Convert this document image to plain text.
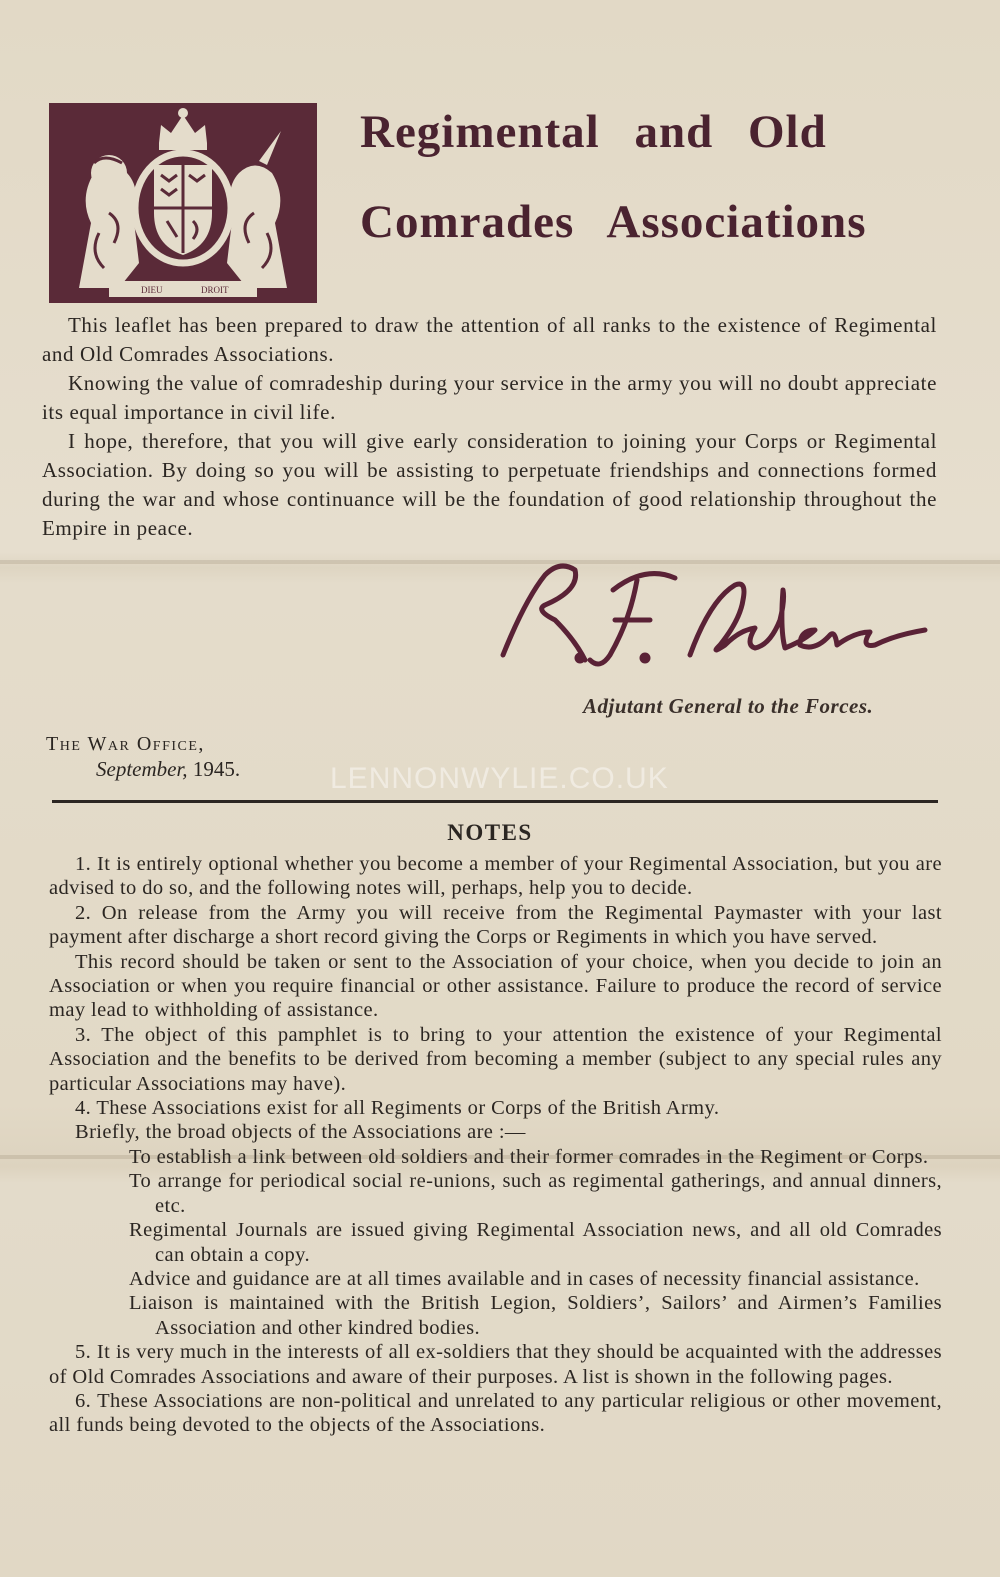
DIEU	DROIT
Regimental and Old
Comrades Associations

This leaflet has been prepared to draw the attention of all ranks to the existence of Regimental and Old Comrades Associations.

Knowing the value of comradeship during your service in the army you will no doubt appreciate its equal importance in civil life.

I hope, therefore, that you will give early consideration to joining your Corps or Regimental Association. By doing so you will be assisting to perpetuate friendships and connections formed during the war and whose continuance will be the foundation of good relationship throughout the Empire in peace.

R. F. Adam
Adjutant General to the Forces.
The War Office,
September, 1945.	LENNONWYLIE.CO.UK
NOTES

1. It is entirely optional whether you become a member of your Regimental Association, but you are advised to do so, and the following notes will, perhaps, help you to decide.

2. On release from the Army you will receive from the Regimental Paymaster with your last payment after discharge a short record giving the Corps or Regiments in which you have served.

This record should be taken or sent to the Association of your choice, when you decide to join an Association or when you require financial or other assistance. Failure to produce the record of service may lead to withholding of assistance.

3. The object of this pamphlet is to bring to your attention the existence of your Regimental Association and the benefits to be derived from becoming a member (subject to any special rules any particular Associations may have).

4. These Associations exist for all Regiments or Corps of the British Army.

Briefly, the broad objects of the Associations are :—

To establish a link between old soldiers and their former comrades in the Regiment or Corps.

To arrange for periodical social re-unions, such as regimental gatherings, and annual dinners, etc.

Regimental Journals are issued giving Regimental Association news, and all old Comrades can obtain a copy.

Advice and guidance are at all times available and in cases of necessity financial assistance.

Liaison is maintained with the British Legion, Soldiers’, Sailors’ and Airmen’s Families Association and other kindred bodies.

5. It is very much in the interests of all ex-soldiers that they should be acquainted with the addresses of Old Comrades Associations and aware of their purposes. A list is shown in the following pages.

6. These Associations are non-political and unrelated to any particular religious or other movement, all funds being devoted to the objects of the Associations.
